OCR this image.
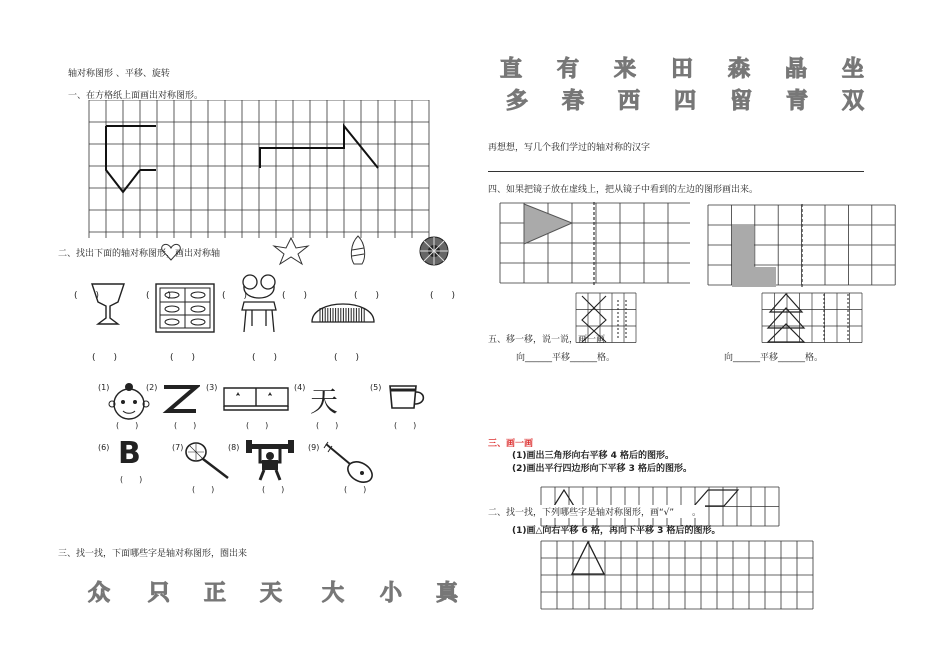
轴对称图形 、平移、旋转
一、在方格纸上面画出对称图形。
二、找出下面的轴对称图形，画出对称轴
(　　)	(　　)	(　　)	(　　)	(　　)	(　　)
(　　)	(　　)	(　　)	(　　)
(1)
(　　)
(2)
(　　)
(3)
(　　)
(4) 天
(　　)
(5)
(　　)
(6) B
(　　)
(7)
(　　)
(8)
(　　)
(9)
(　　)
三、找一找，下面哪些字是轴对称图形，圈出来
众 只 正 天 大 小 真
直 有 来 田 森 晶 坐
多 春 西 四 留 青 双
再想想，写几个我们学过的轴对称的汉字
四、如果把镜子放在虚线上，把从镜子中看到的左边的图形画出来。
五、移一移，说一说，画一画
向______平移______格。	向______平移______格。
三、画一画
(1)画出三角形向右平移 4 格后的图形。
(2)画出平行四边形向下平移 3 格后的图形。
二、找一找，下列哪些字是轴对称图形，画“√”　　。
(1)画△向右平移 6 格，再向下平移 3 格后的图形。
